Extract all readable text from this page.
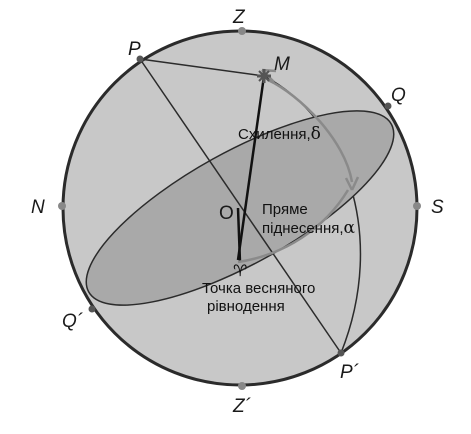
Z
Z´
N	S
P
P´
Q
Q´
O
M
Схилення,δ
Пряме
піднесення,α
♈
Точка весняного
рівнодення
